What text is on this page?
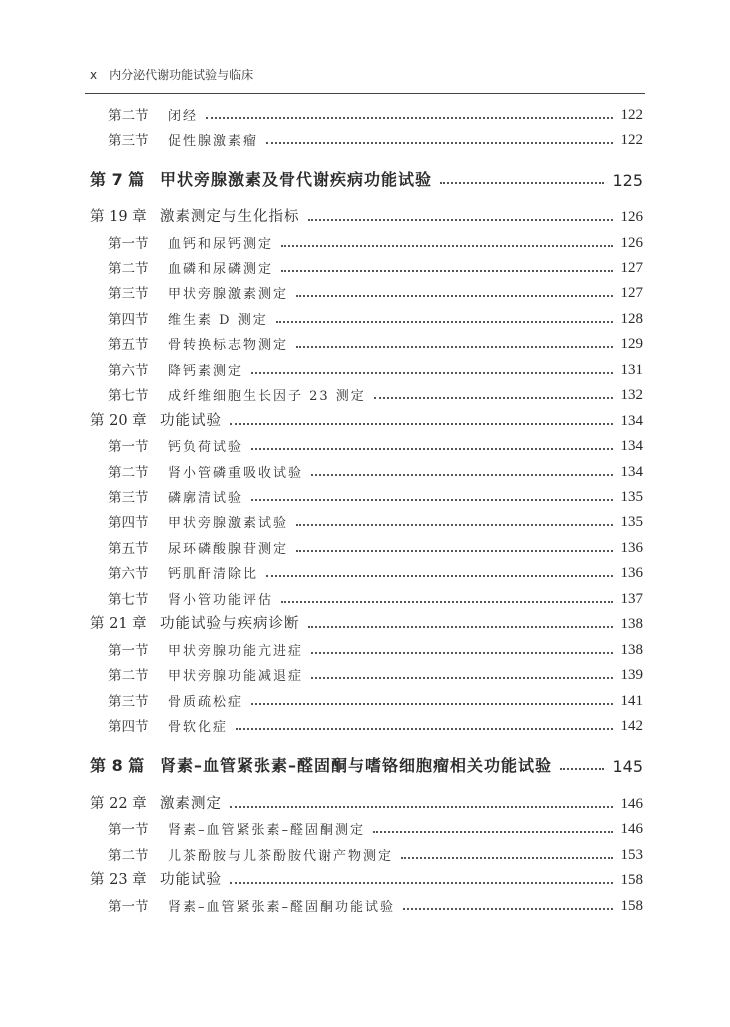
x 内分泌代谢功能试验与临床
第二节	闭经	122
第三节	促性腺激素瘤	122
第 7 篇 甲状旁腺激素及骨代谢疾病功能试验	125
第 19 章 激素测定与生化指标	126
第一节	血钙和尿钙测定	126
第二节	血磷和尿磷测定	127
第三节	甲状旁腺激素测定	127
第四节	维生素 D 测定	128
第五节	骨转换标志物测定	129
第六节	降钙素测定	131
第七节	成纤维细胞生长因子 23 测定	132
第 20 章 功能试验	134
第一节	钙负荷试验	134
第二节	肾小管磷重吸收试验	134
第三节	磷廓清试验	135
第四节	甲状旁腺激素试验	135
第五节	尿环磷酸腺苷测定	136
第六节	钙肌酐清除比	136
第七节	肾小管功能评估	137
第 21 章 功能试验与疾病诊断	138
第一节	甲状旁腺功能亢进症	138
第二节	甲状旁腺功能减退症	139
第三节	骨质疏松症	141
第四节	骨软化症	142
第 8 篇 肾素–血管紧张素–醛固酮与嗜铬细胞瘤相关功能试验	145
第 22 章 激素测定	146
第一节	肾素–血管紧张素–醛固酮测定	146
第二节	儿茶酚胺与儿茶酚胺代谢产物测定	153
第 23 章 功能试验	158
第一节	肾素–血管紧张素–醛固酮功能试验	158
